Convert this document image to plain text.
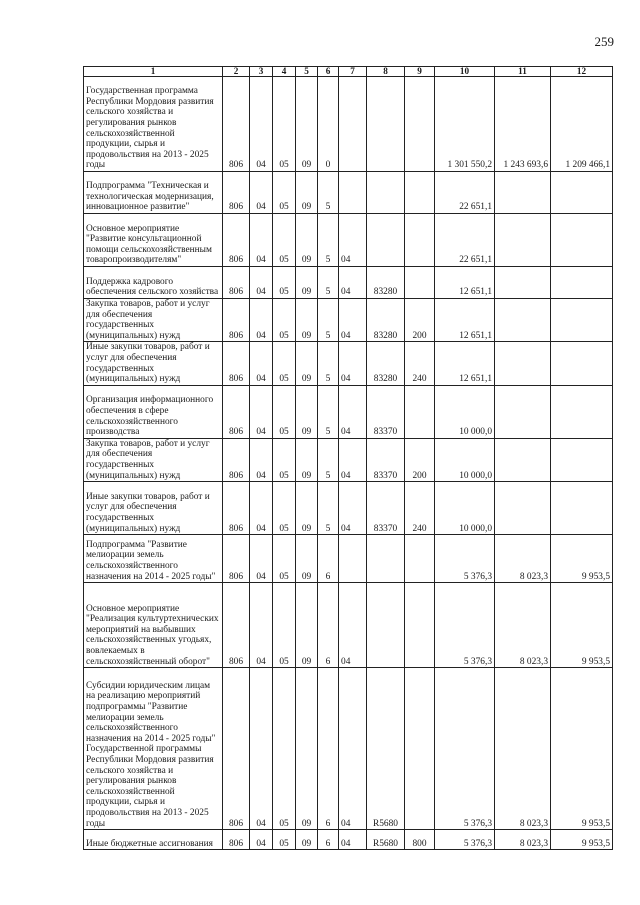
259
1	2	3	4	5	6	7	8	9	10	11	12
Государственная программа Республики Мордовия развития сельского хозяйства и регулирования рынков сельскохозяйственной продукции, сырья и продовольствия на 2013 - 2025 годы	806	04	05	09	0				1 301 550,2	1 243 693,6	1 209 466,1
Подпрограмма "Техническая и технологическая модернизация, инновационное развитие"	806	04	05	09	5				22 651,1		
Основное мероприятие "Развитие консультационной помощи сельскохозяйственным товаропроизводителям"	806	04	05	09	5	04			22 651,1		
Поддержка кадрового обеспечения сельского хозяйства	806	04	05	09	5	04	83280		12 651,1		
Закупка товаров, работ и услуг для обеспечения государственных (муниципальных) нужд	806	04	05	09	5	04	83280	200	12 651,1		
Иные закупки товаров, работ и услуг для обеспечения государственных (муниципальных) нужд	806	04	05	09	5	04	83280	240	12 651,1		
Организация информационного обеспечения в сфере сельскохозяйственного производства	806	04	05	09	5	04	83370		10 000,0		
Закупка товаров, работ и услуг для обеспечения государственных (муниципальных) нужд	806	04	05	09	5	04	83370	200	10 000,0		
Иные закупки товаров, работ и услуг для обеспечения государственных (муниципальных) нужд	806	04	05	09	5	04	83370	240	10 000,0		
Подпрограмма "Развитие мелиорации земель сельскохозяйственного назначения на 2014 - 2025 годы"	806	04	05	09	6				5 376,3	8 023,3	9 953,5
Основное мероприятие "Реализация культуртехнических мероприятий на выбывших сельскохозяйственных угодьях, вовлекаемых в сельскохозяйственный оборот"	806	04	05	09	6	04			5 376,3	8 023,3	9 953,5
Субсидии юридическим лицам на реализацию мероприятий подпрограммы "Развитие мелиорации земель сельскохозяйственного назначения на 2014 - 2025 годы" Государственной программы Республики Мордовия развития сельского хозяйства и регулирования рынков сельскохозяйственной продукции, сырья и продовольствия на 2013 - 2025 годы	806	04	05	09	6	04	R5680		5 376,3	8 023,3	9 953,5
Иные бюджетные ассигнования	806	04	05	09	6	04	R5680	800	5 376,3	8 023,3	9 953,5
